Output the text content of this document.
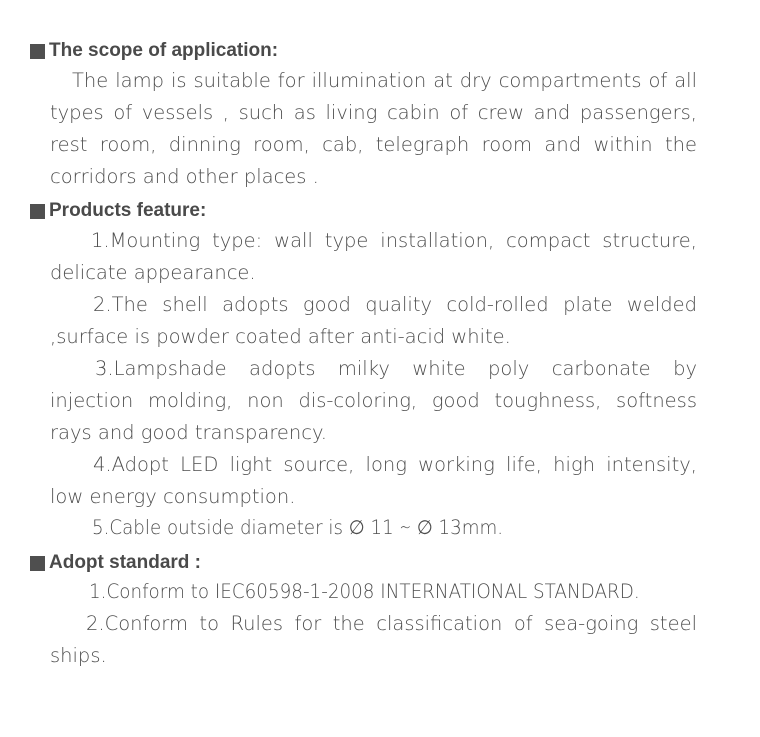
The scope of application:
The lamp is suitable for illumination at dry compartments of all
types of vessels , such as living cabin of crew and passengers,
rest room, dinning room, cab, telegraph room and within the
corridors and other places .
Products feature:
1.Mounting type: wall type installation, compact structure,
delicate appearance.
2.The shell adopts good quality cold-rolled plate welded
,surface is powder coated after anti-acid white.
3.Lampshade adopts milky white poly carbonate by
injection molding, non dis-coloring, good toughness, softness
rays and good transparency.
4.Adopt LED light source, long working life, high intensity,
low energy consumption.
5.Cable outside diameter is ∅ 11 ∼ ∅ 13mm.
Adopt standard :
1.Conform to IEC60598-1-2008 INTERNATIONAL STANDARD.
2.Conform to Rules for the classification of sea-going steel
ships.
